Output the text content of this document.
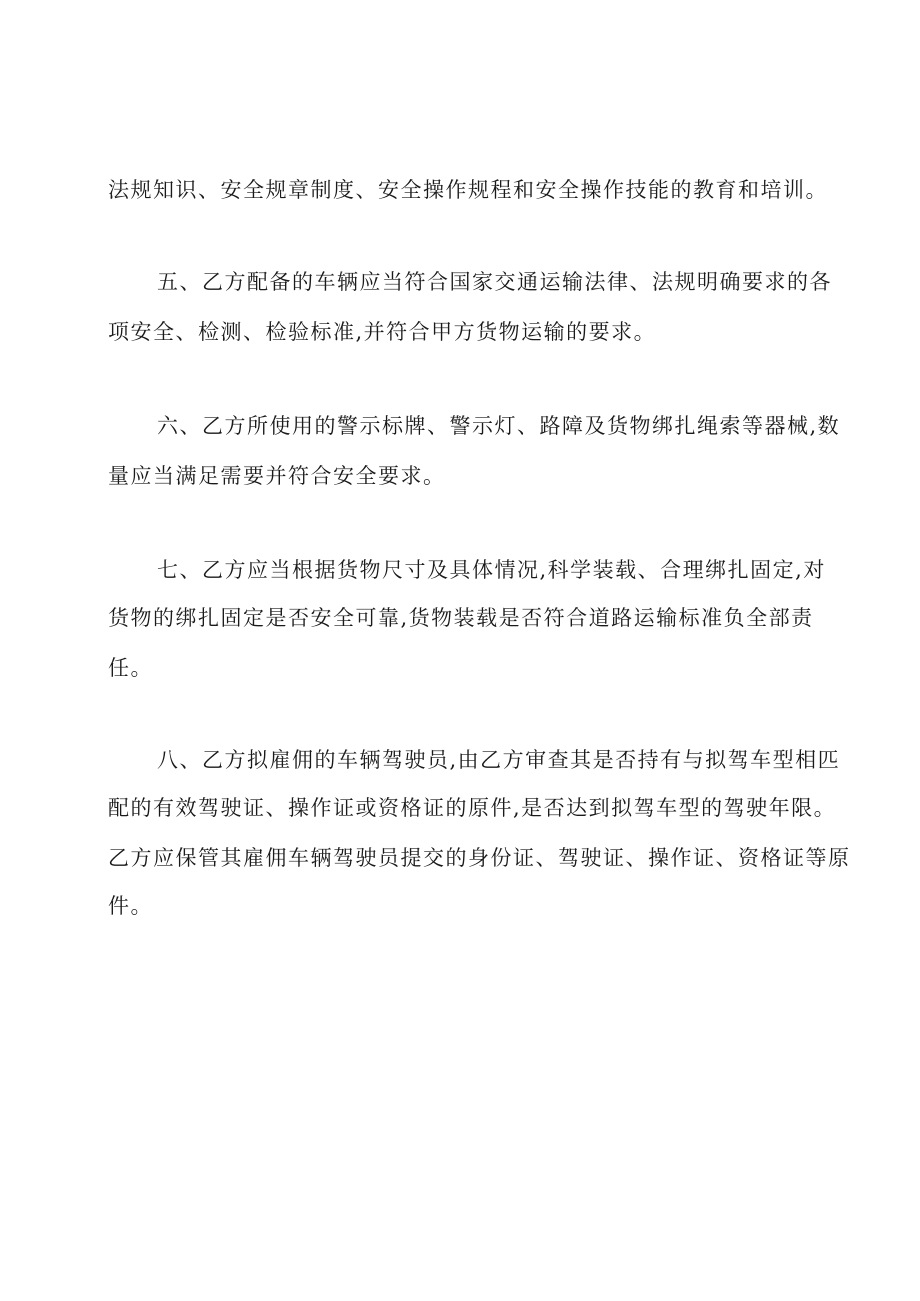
法规知识、安全规章制度、安全操作规程和安全操作技能的教育和培训。
五、乙方配备的车辆应当符合国家交通运输法律、法规明确要求的各
项安全、检测、检验标准,并符合甲方货物运输的要求。
六、乙方所使用的警示标牌、警示灯、路障及货物绑扎绳索等器械,数
量应当满足需要并符合安全要求。
七、乙方应当根据货物尺寸及具体情况,科学装载、合理绑扎固定,对
货物的绑扎固定是否安全可靠,货物装载是否符合道路运输标准负全部责
任。
八、乙方拟雇佣的车辆驾驶员,由乙方审查其是否持有与拟驾车型相匹
配的有效驾驶证、操作证或资格证的原件,是否达到拟驾车型的驾驶年限。
乙方应保管其雇佣车辆驾驶员提交的身份证、驾驶证、操作证、资格证等原
件。
